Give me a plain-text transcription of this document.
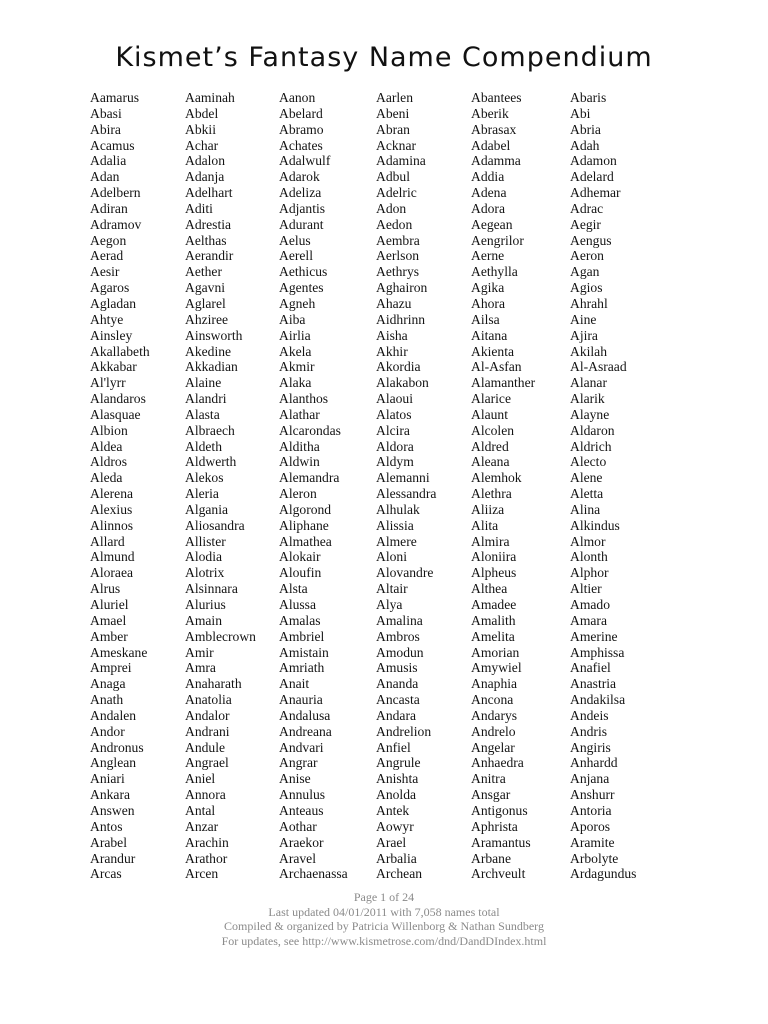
Kismet’s Fantasy Name Compendium
Aamarus
Abasi
Abira
Acamus
Adalia
Adan
Adelbern
Adiran
Adramov
Aegon
Aerad
Aesir
Agaros
Agladan
Ahtye
Ainsley
Akallabeth
Akkabar
Al'lyrr
Alandaros
Alasquae
Albion
Aldea
Aldros
Aleda
Alerena
Alexius
Alinnos
Allard
Almund
Aloraea
Alrus
Aluriel
Amael
Amber
Ameskane
Amprei
Anaga
Anath
Andalen
Andor
Andronus
Anglean
Aniari
Ankara
Answen
Antos
Arabel
Arandur
Arcas
Aaminah
Abdel
Abkii
Achar
Adalon
Adanja
Adelhart
Aditi
Adrestia
Aelthas
Aerandir
Aether
Agavni
Aglarel
Ahziree
Ainsworth
Akedine
Akkadian
Alaine
Alandri
Alasta
Albraech
Aldeth
Aldwerth
Alekos
Aleria
Algania
Aliosandra
Allister
Alodia
Alotrix
Alsinnara
Alurius
Amain
Amblecrown
Amir
Amra
Anaharath
Anatolia
Andalor
Andrani
Andule
Angrael
Aniel
Annora
Antal
Anzar
Arachin
Arathor
Arcen
Aanon
Abelard
Abramo
Achates
Adalwulf
Adarok
Adeliza
Adjantis
Adurant
Aelus
Aerell
Aethicus
Agentes
Agneh
Aiba
Airlia
Akela
Akmir
Alaka
Alanthos
Alathar
Alcarondas
Alditha
Aldwin
Alemandra
Aleron
Algorond
Aliphane
Almathea
Alokair
Aloufin
Alsta
Alussa
Amalas
Ambriel
Amistain
Amriath
Anait
Anauria
Andalusa
Andreana
Andvari
Angrar
Anise
Annulus
Anteaus
Aothar
Araekor
Aravel
Archaenassa
Aarlen
Abeni
Abran
Acknar
Adamina
Adbul
Adelric
Adon
Aedon
Aembra
Aerlson
Aethrys
Aghairon
Ahazu
Aidhrinn
Aisha
Akhir
Akordia
Alakabon
Alaoui
Alatos
Alcira
Aldora
Aldym
Alemanni
Alessandra
Alhulak
Alissia
Almere
Aloni
Alovandre
Altair
Alya
Amalina
Ambros
Amodun
Amusis
Ananda
Ancasta
Andara
Andrelion
Anfiel
Angrule
Anishta
Anolda
Antek
Aowyr
Arael
Arbalia
Archean
Abantees
Aberik
Abrasax
Adabel
Adamma
Addia
Adena
Adora
Aegean
Aengrilor
Aerne
Aethylla
Agika
Ahora
Ailsa
Aitana
Akienta
Al-Asfan
Alamanther
Alarice
Alaunt
Alcolen
Aldred
Aleana
Alemhok
Alethra
Aliiza
Alita
Almira
Aloniira
Alpheus
Althea
Amadee
Amalith
Amelita
Amorian
Amywiel
Anaphia
Ancona
Andarys
Andrelo
Angelar
Anhaedra
Anitra
Ansgar
Antigonus
Aphrista
Aramantus
Arbane
Archveult
Abaris
Abi
Abria
Adah
Adamon
Adelard
Adhemar
Adrac
Aegir
Aengus
Aeron
Agan
Agios
Ahrahl
Aine
Ajira
Akilah
Al-Asraad
Alanar
Alarik
Alayne
Aldaron
Aldrich
Alecto
Alene
Aletta
Alina
Alkindus
Almor
Alonth
Alphor
Altier
Amado
Amara
Amerine
Amphissa
Anafiel
Anastria
Andakilsa
Andeis
Andris
Angiris
Anhardd
Anjana
Anshurr
Antoria
Aporos
Aramite
Arbolyte
Ardagundus
Page 1 of 24
Last updated 04/01/2011 with 7,058 names total
Compiled & organized by Patricia Willenborg & Nathan Sundberg
For updates, see http://www.kismetrose.com/dnd/DandDIndex.html
